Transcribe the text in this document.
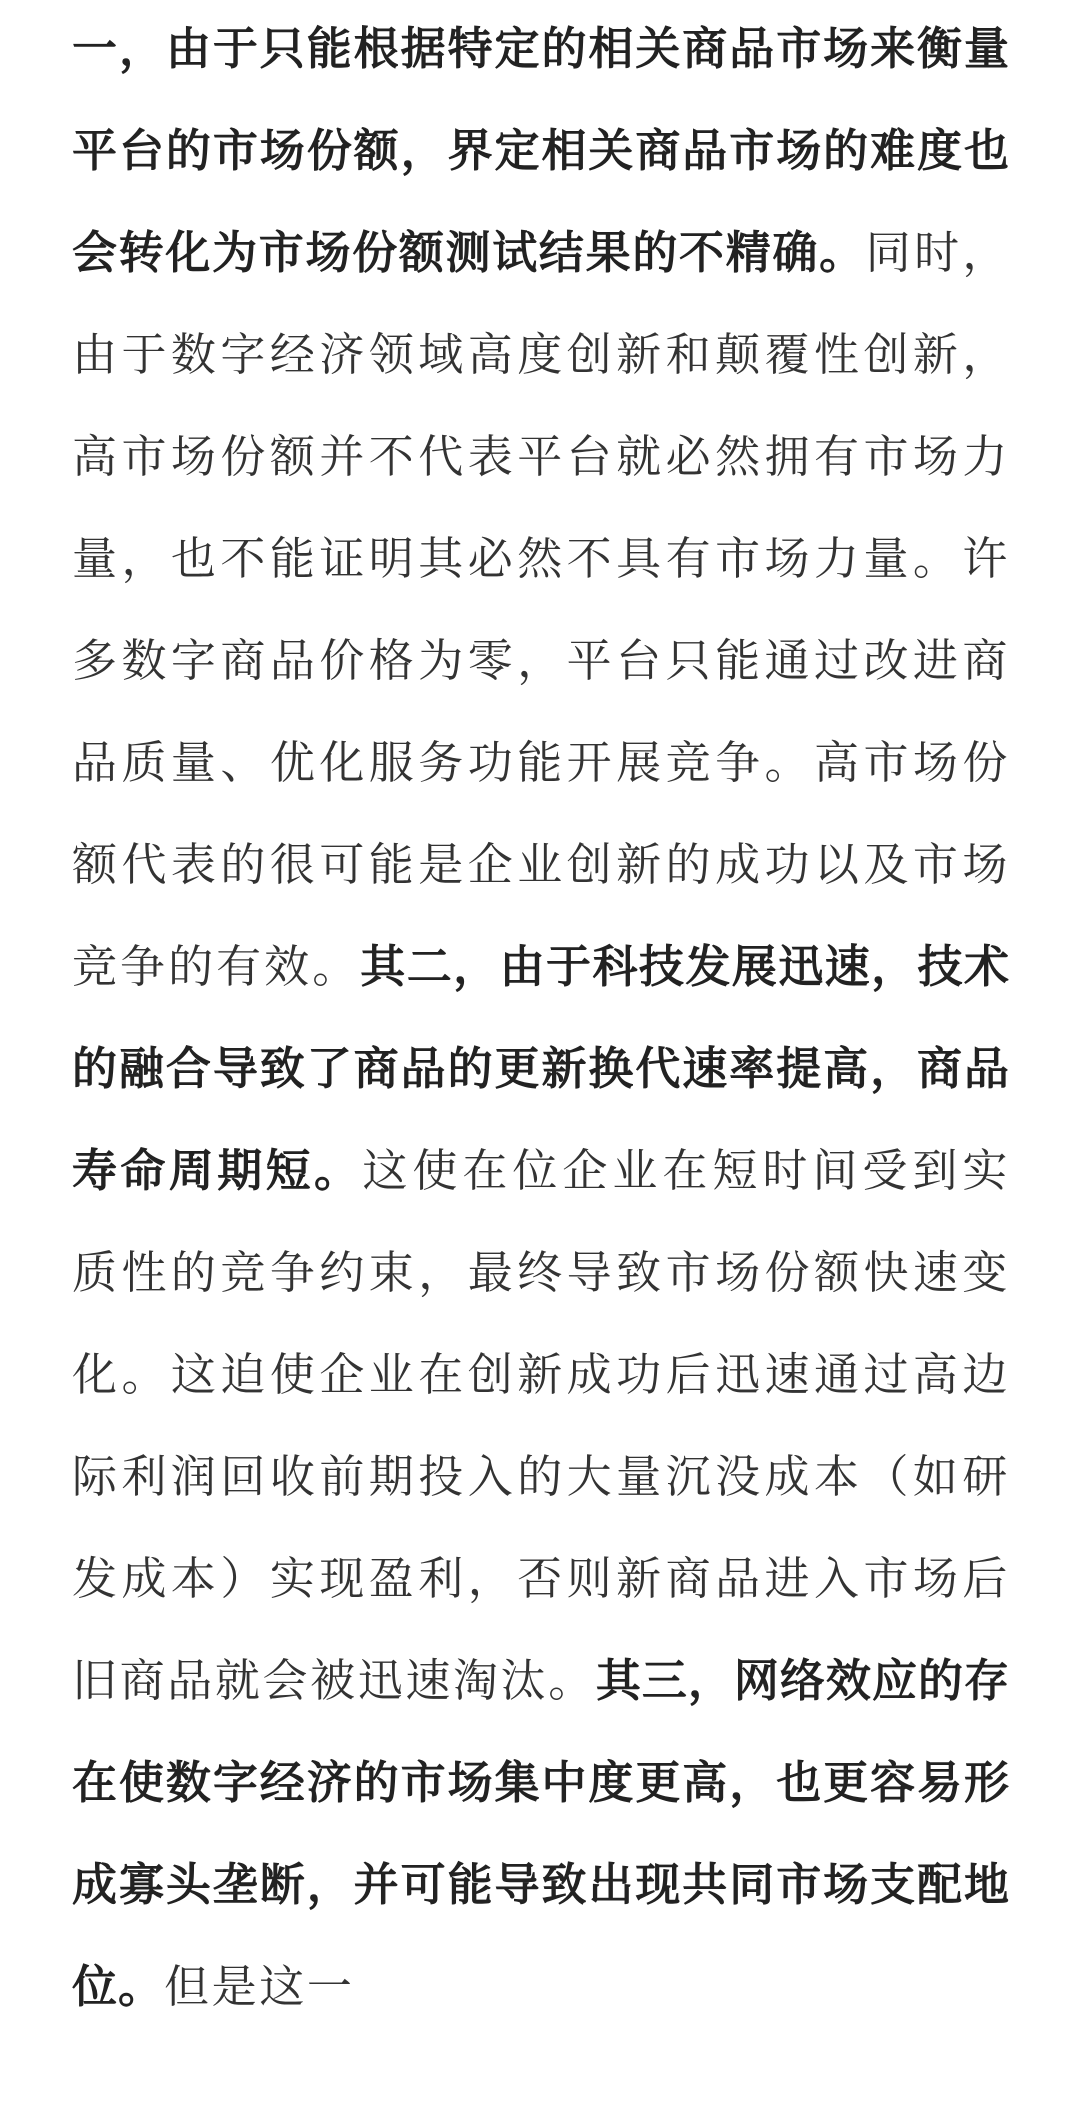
一，由于只能根据特定的相关商品市场来衡量平台的市场份额，界定相关商品市场的难度也会转化为市场份额测试结果的不精确。同时，由于数字经济领域高度创新和颠覆性创新，高市场份额并不代表平台就必然拥有市场力量，也不能证明其必然不具有市场力量。许多数字商品价格为零，平台只能通过改进商品质量、优化服务功能开展竞争。高市场份额代表的很可能是企业创新的成功以及市场竞争的有效。其二，由于科技发展迅速，技术的融合导致了商品的更新换代速率提高，商品寿命周期短。这使在位企业在短时间受到实质性的竞争约束，最终导致市场份额快速变化。这迫使企业在创新成功后迅速通过高边际利润回收前期投入的大量沉没成本（如研发成本）实现盈利，否则新商品进入市场后旧商品就会被迅速淘汰。其三，网络效应的存在使数字经济的市场集中度更高，也更容易形成寡头垄断，并可能导致出现共同市场支配地位。但是这一
